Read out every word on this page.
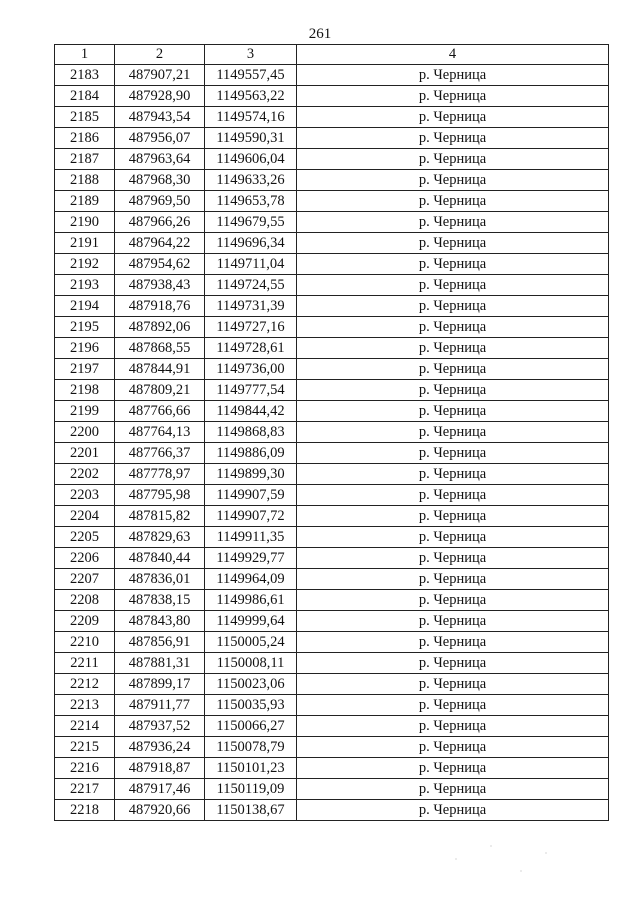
261
1	2	3	4
2183	487907,21	1149557,45	р. Черница
2184	487928,90	1149563,22	р. Черница
2185	487943,54	1149574,16	р. Черница
2186	487956,07	1149590,31	р. Черница
2187	487963,64	1149606,04	р. Черница
2188	487968,30	1149633,26	р. Черница
2189	487969,50	1149653,78	р. Черница
2190	487966,26	1149679,55	р. Черница
2191	487964,22	1149696,34	р. Черница
2192	487954,62	1149711,04	р. Черница
2193	487938,43	1149724,55	р. Черница
2194	487918,76	1149731,39	р. Черница
2195	487892,06	1149727,16	р. Черница
2196	487868,55	1149728,61	р. Черница
2197	487844,91	1149736,00	р. Черница
2198	487809,21	1149777,54	р. Черница
2199	487766,66	1149844,42	р. Черница
2200	487764,13	1149868,83	р. Черница
2201	487766,37	1149886,09	р. Черница
2202	487778,97	1149899,30	р. Черница
2203	487795,98	1149907,59	р. Черница
2204	487815,82	1149907,72	р. Черница
2205	487829,63	1149911,35	р. Черница
2206	487840,44	1149929,77	р. Черница
2207	487836,01	1149964,09	р. Черница
2208	487838,15	1149986,61	р. Черница
2209	487843,80	1149999,64	р. Черница
2210	487856,91	1150005,24	р. Черница
2211	487881,31	1150008,11	р. Черница
2212	487899,17	1150023,06	р. Черница
2213	487911,77	1150035,93	р. Черница
2214	487937,52	1150066,27	р. Черница
2215	487936,24	1150078,79	р. Черница
2216	487918,87	1150101,23	р. Черница
2217	487917,46	1150119,09	р. Черница
2218	487920,66	1150138,67	р. Черница
